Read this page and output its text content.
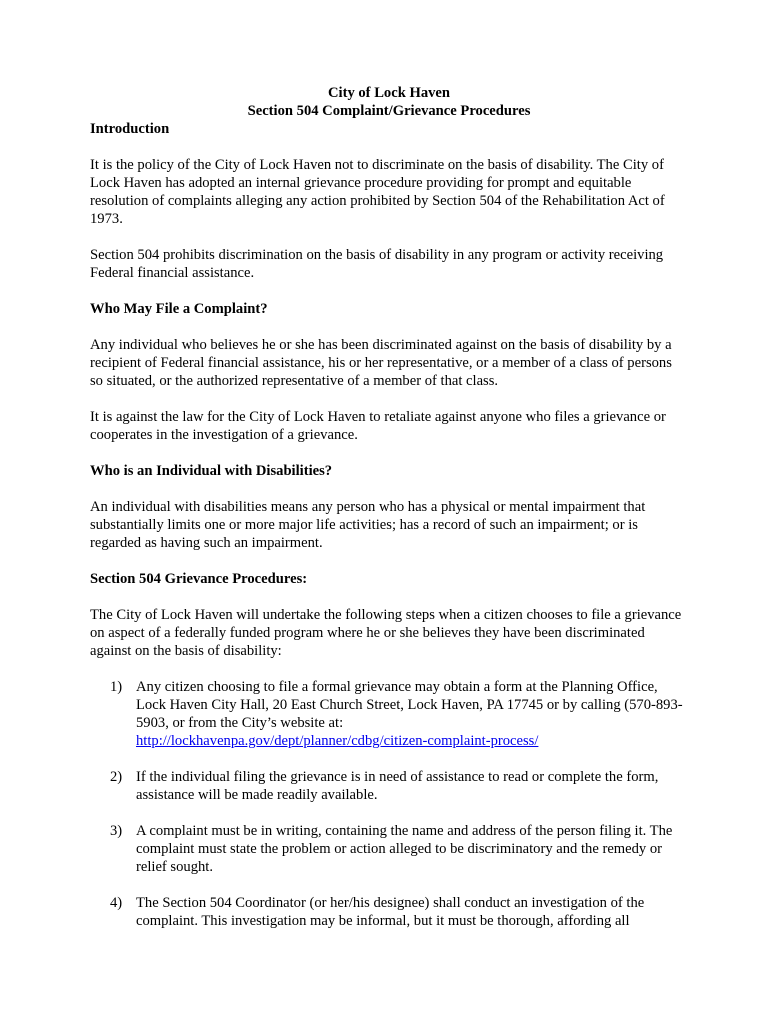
City of Lock Haven
Section 504 Complaint/Grievance Procedures
Introduction

It is the policy of the City of Lock Haven not to discriminate on the basis of disability. The City of Lock Haven has adopted an internal grievance procedure providing for prompt and equitable resolution of complaints alleging any action prohibited by Section 504 of the Rehabilitation Act of 1973.

Section 504 prohibits discrimination on the basis of disability in any program or activity receiving Federal financial assistance.

Who May File a Complaint?

Any individual who believes he or she has been discriminated against on the basis of disability by a recipient of Federal financial assistance, his or her representative, or a member of a class of persons so situated, or the authorized representative of a member of that class.

It is against the law for the City of Lock Haven to retaliate against anyone who files a grievance or cooperates in the investigation of a grievance.

Who is an Individual with Disabilities?

An individual with disabilities means any person who has a physical or mental impairment that substantially limits one or more major life activities; has a record of such an impairment; or is regarded as having such an impairment.

Section 504 Grievance Procedures:

The City of Lock Haven will undertake the following steps when a citizen chooses to file a grievance on aspect of a federally funded program where he or she believes they have been discriminated against on the basis of disability:

1) Any citizen choosing to file a formal grievance may obtain a form at the Planning Office, Lock Haven City Hall, 20 East Church Street, Lock Haven, PA 17745 or by calling (570-893-5903, or from the City’s website at:
http://lockhavenpa.gov/dept/planner/cdbg/citizen-complaint-process/
2) If the individual filing the grievance is in need of assistance to read or complete the form, assistance will be made readily available.
3) A complaint must be in writing, containing the name and address of the person filing it. The complaint must state the problem or action alleged to be discriminatory and the remedy or relief sought.
4) The Section 504 Coordinator (or her/his designee) shall conduct an investigation of the complaint. This investigation may be informal, but it must be thorough, affording all
